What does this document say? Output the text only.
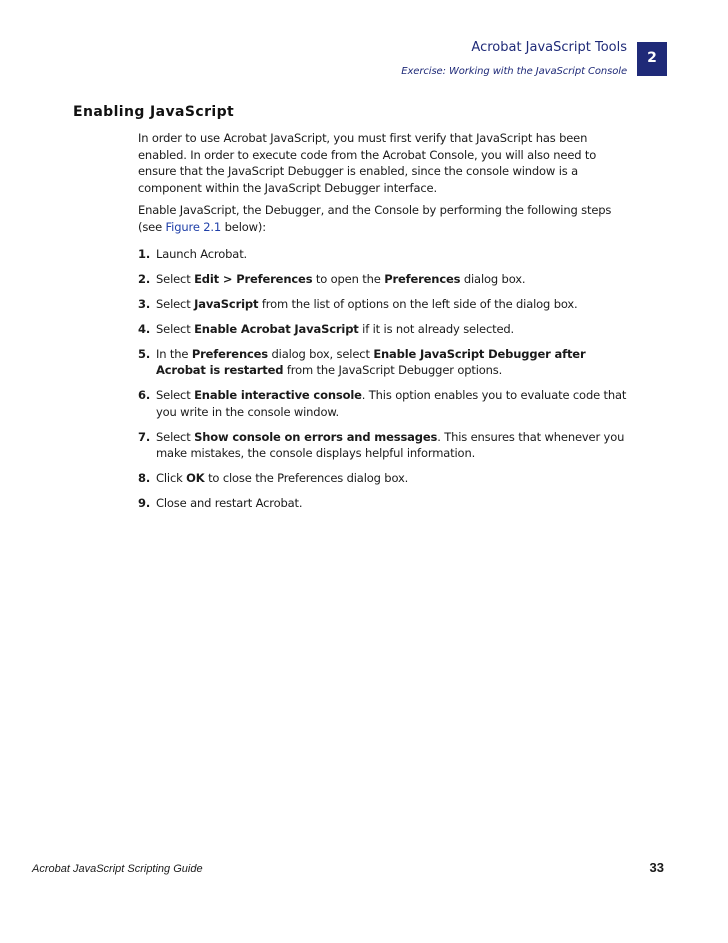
Acrobat JavaScript Tools
Exercise: Working with the JavaScript Console
2
Enabling JavaScript

In order to use Acrobat JavaScript, you must first verify that JavaScript has been enabled. In order to execute code from the Acrobat Console, you will also need to ensure that the JavaScript Debugger is enabled, since the console window is a component within the JavaScript Debugger interface.

Enable JavaScript, the Debugger, and the Console by performing the following steps (see Figure 2.1 below):

1. Launch Acrobat.
2. Select Edit > Preferences to open the Preferences dialog box.
3. Select JavaScript from the list of options on the left side of the dialog box.
4. Select Enable Acrobat JavaScript if it is not already selected.
5. In the Preferences dialog box, select Enable JavaScript Debugger after Acrobat is restarted from the JavaScript Debugger options.
6. Select Enable interactive console. This option enables you to evaluate code that you write in the console window.
7. Select Show console on errors and messages. This ensures that whenever you make mistakes, the console displays helpful information.
8. Click OK to close the Preferences dialog box.
9. Close and restart Acrobat.
Acrobat JavaScript Scripting Guide	33
